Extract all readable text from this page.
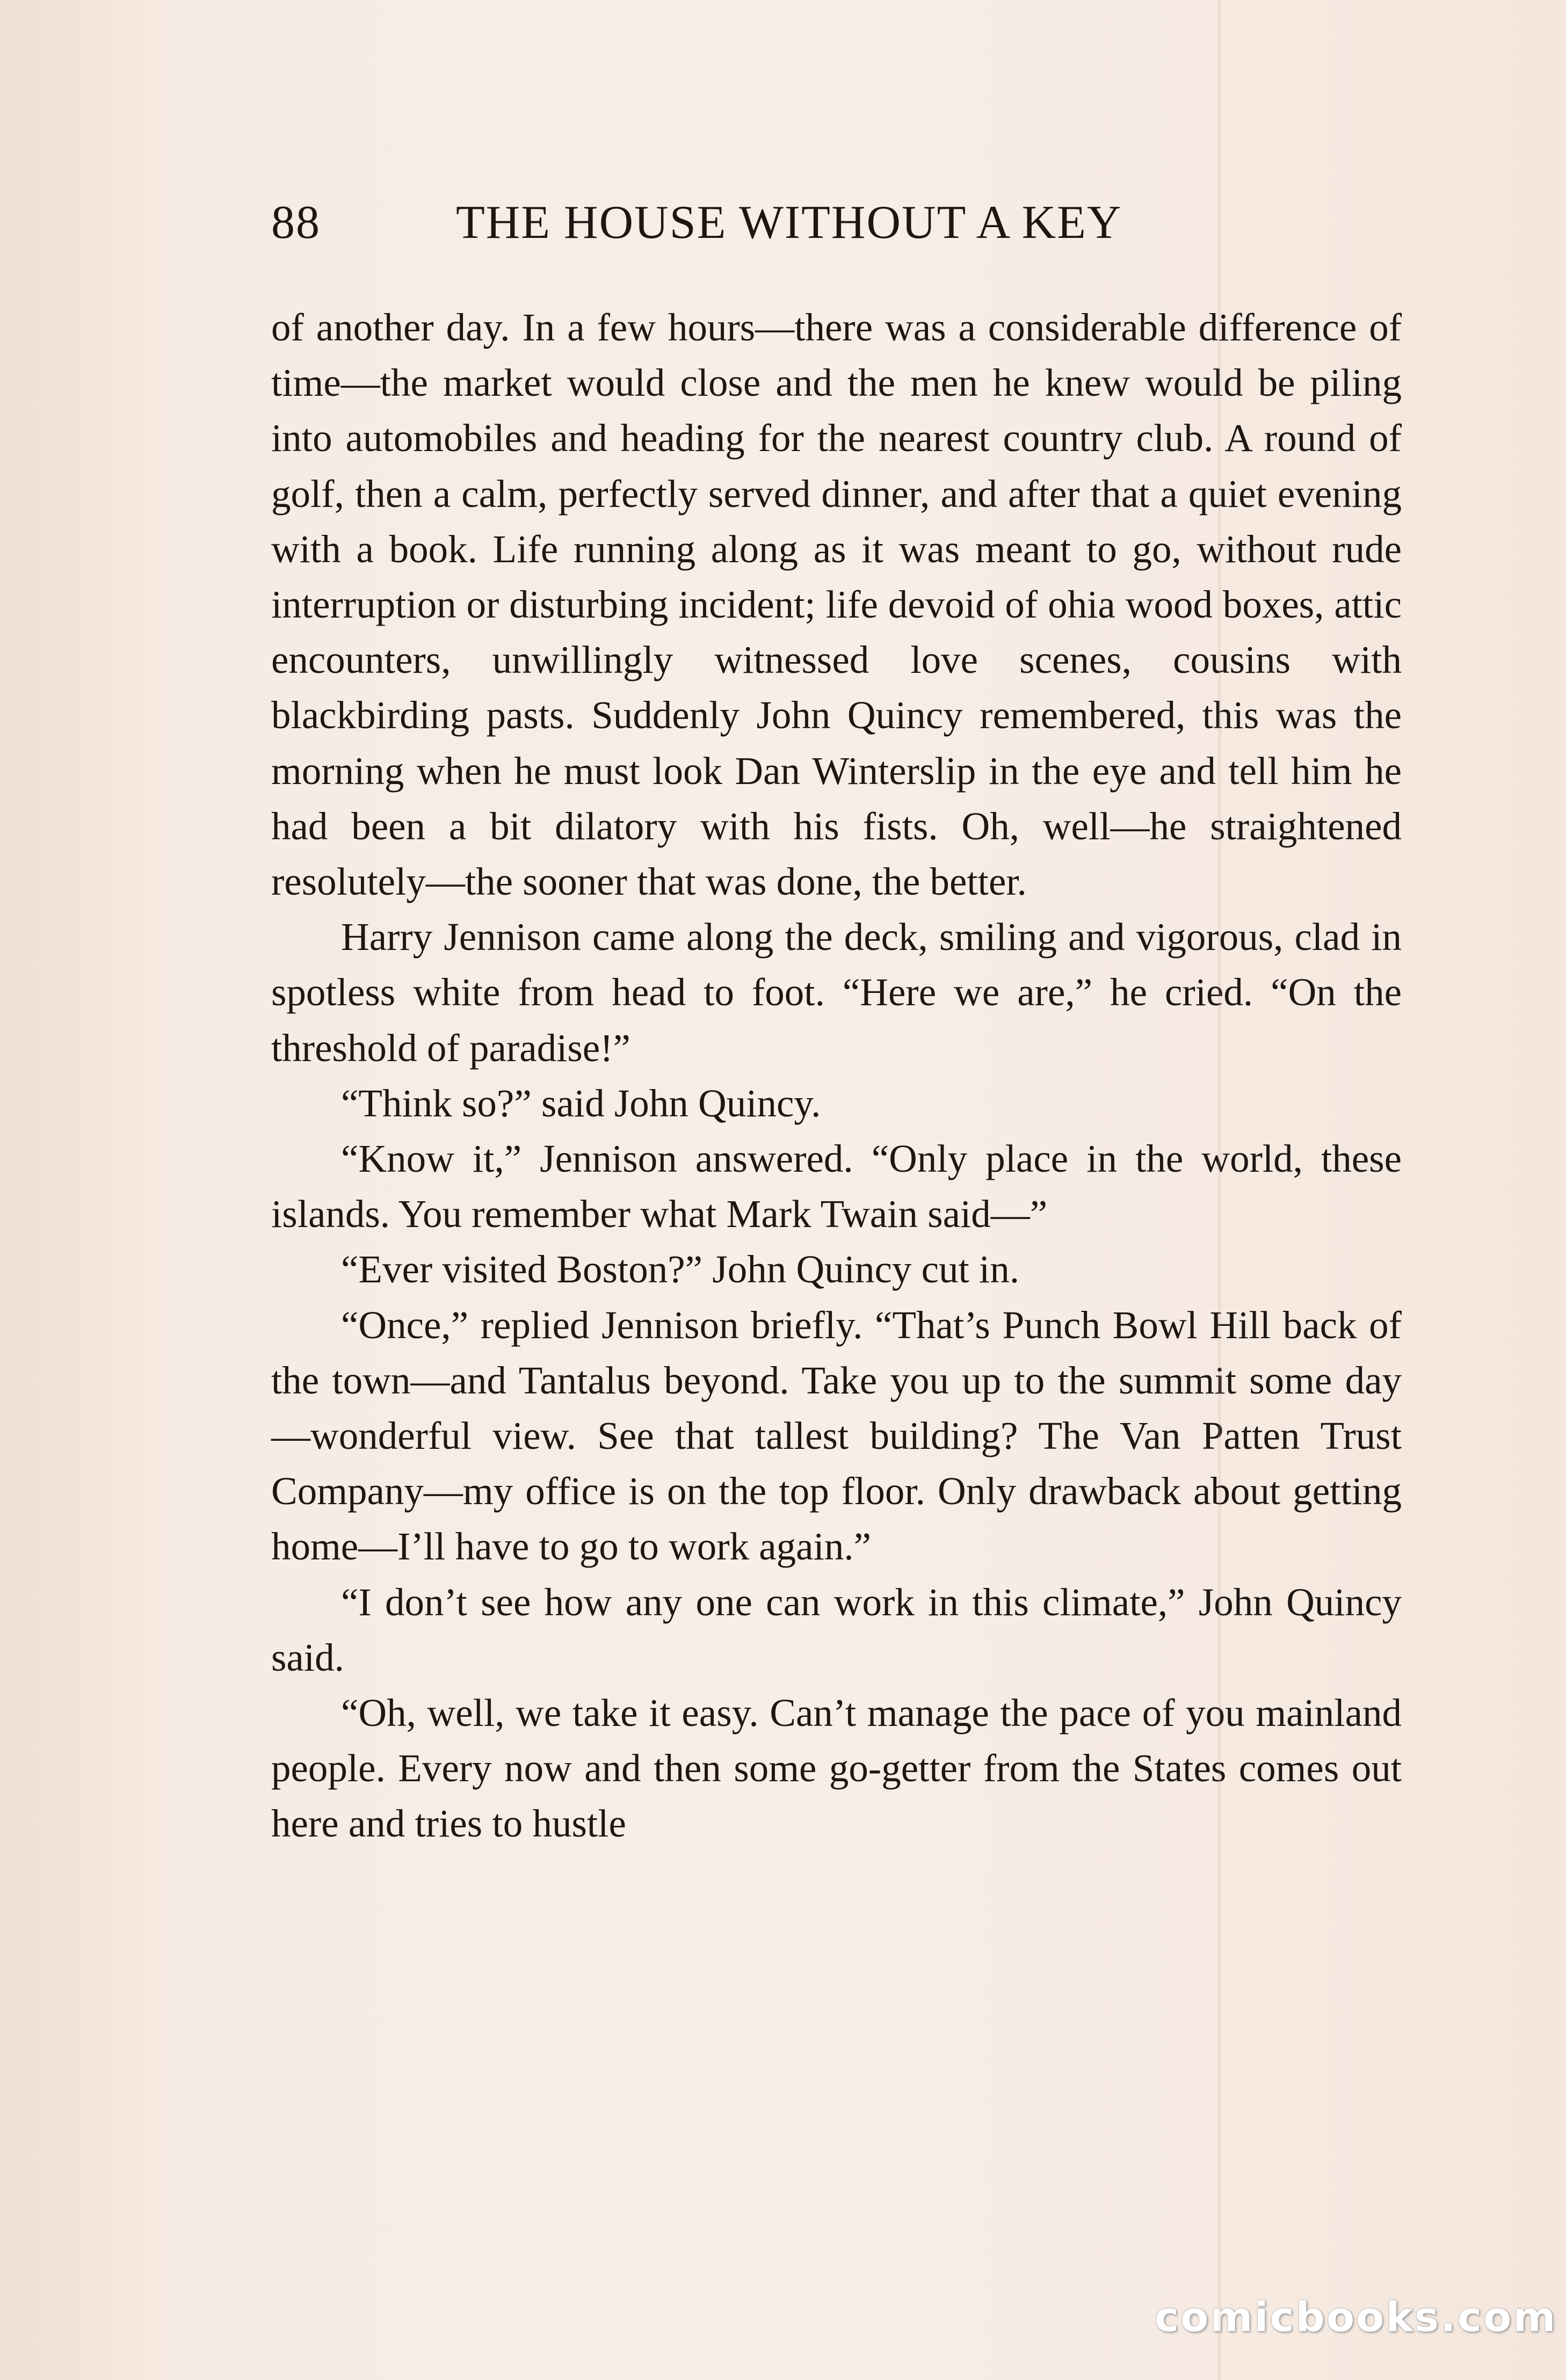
88	THE HOUSE WITHOUT A KEY

of another day. In a few hours—there was a considerable difference of time—the market would close and the men he knew would be piling into automobiles and heading for the nearest country club. A round of golf, then a calm, perfectly served dinner, and after that a quiet evening with a book. Life running along as it was meant to go, without rude interruption or disturbing incident; life devoid of ohia wood boxes, attic encounters, unwillingly witnessed love scenes, cousins with blackbirding pasts. Suddenly John Quincy remembered, this was the morning when he must look Dan Winterslip in the eye and tell him he had been a bit dilatory with his fists. Oh, well—he straightened resolutely—the sooner that was done, the better.

Harry Jennison came along the deck, smiling and vigorous, clad in spotless white from head to foot. “Here we are,” he cried. “On the threshold of paradise!”

“Think so?” said John Quincy.

“Know it,” Jennison answered. “Only place in the world, these islands. You remember what Mark Twain said—”

“Ever visited Boston?” John Quincy cut in.

“Once,” replied Jennison briefly. “That’s Punch Bowl Hill back of the town—and Tantalus beyond. Take you up to the summit some day—wonderful view. See that tallest building? The Van Patten Trust Company—my office is on the top floor. Only drawback about getting home—I’ll have to go to work again.”

“I don’t see how any one can work in this climate,” John Quincy said.

“Oh, well, we take it easy. Can’t manage the pace of you mainland people. Every now and then some go-getter from the States comes out here and tries to hustle

comicbooks.com
